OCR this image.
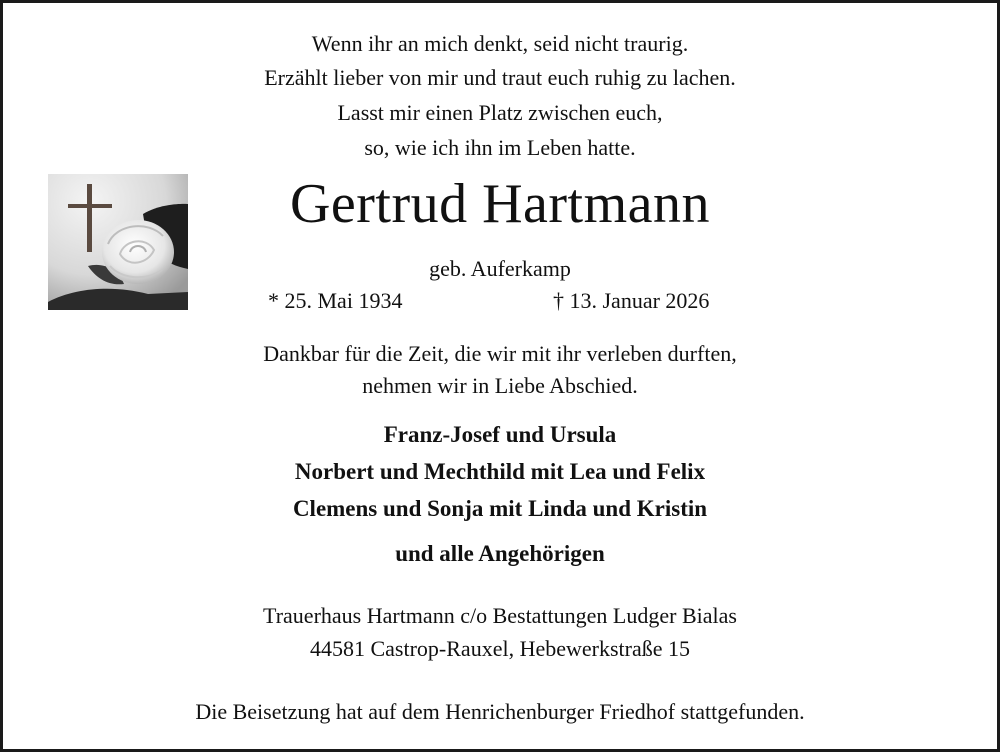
Wenn ihr an mich denkt, seid nicht traurig.
Erzählt lieber von mir und traut euch ruhig zu lachen.
Lasst mir einen Platz zwischen euch,
so, wie ich ihn im Leben hatte.
Gertrud Hartmann
geb. Auferkamp
* 25. Mai 1934	† 13. Januar 2026
Dankbar für die Zeit, die wir mit ihr verleben durften,
nehmen wir in Liebe Abschied.
Franz-Josef und Ursula
Norbert und Mechthild mit Lea und Felix
Clemens und Sonja mit Linda und Kristin
und alle Angehörigen
Trauerhaus Hartmann c/o Bestattungen Ludger Bialas
44581 Castrop-Rauxel, Hebewerkstraße 15
Die Beisetzung hat auf dem Henrichenburger Friedhof stattgefunden.
